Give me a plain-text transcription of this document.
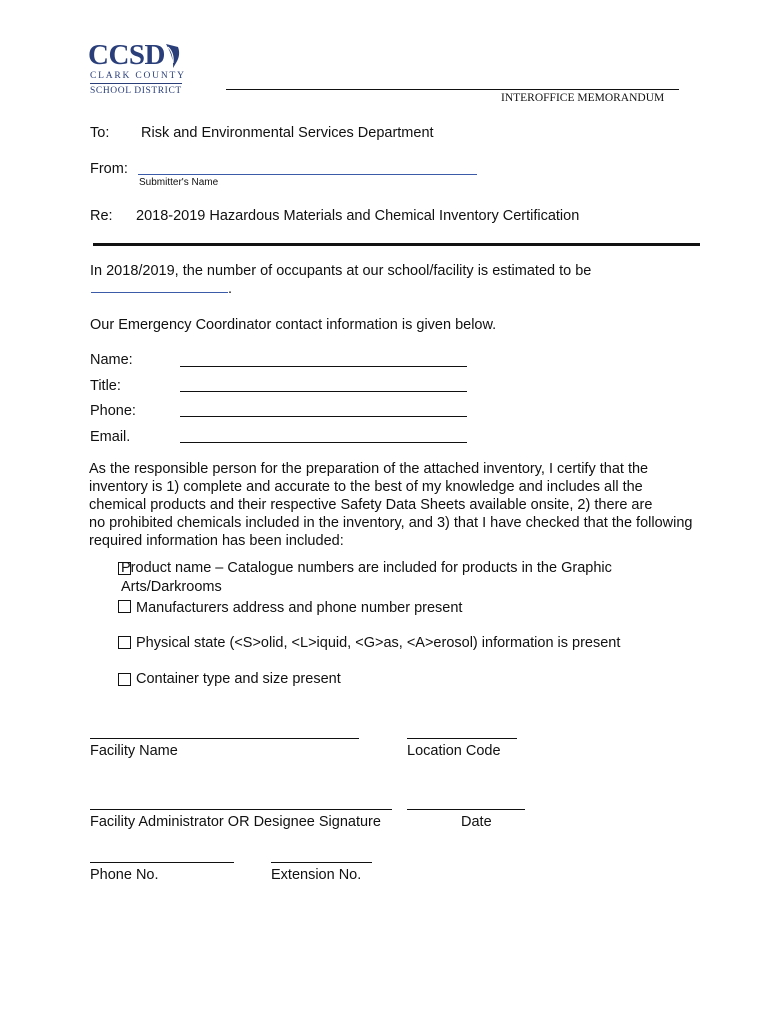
CCSD
CLARK COUNTY
SCHOOL DISTRICT
INTEROFFICE MEMORANDUM
To: Risk and Environmental Services Department
From:
Submitter's Name
Re: 2018-2019 Hazardous Materials and Chemical Inventory Certification
In 2018/2019, the number of occupants at our school/facility is estimated to be
.
Our Emergency Coordinator contact information is given below.
Name:
Title:
Phone:
Email.

As the responsible person for the preparation of the attached inventory, I certify that the

inventory is 1) complete and accurate to the best of my knowledge and includes all the

chemical products and their respective Safety Data Sheets available onsite, 2) there are

no prohibited chemicals included in the inventory, and 3) that I have checked that the following

required information has been included:

Product name – Catalogue numbers are included for products in the Graphic
Arts/Darkrooms
Manufacturers address and phone number present
Physical state (<S>olid, <L>iquid, <G>as, <A>erosol) information is present
Container type and size present
Facility Name	Location Code
Facility Administrator OR Designee Signature	Date
Phone No.	Extension No.
